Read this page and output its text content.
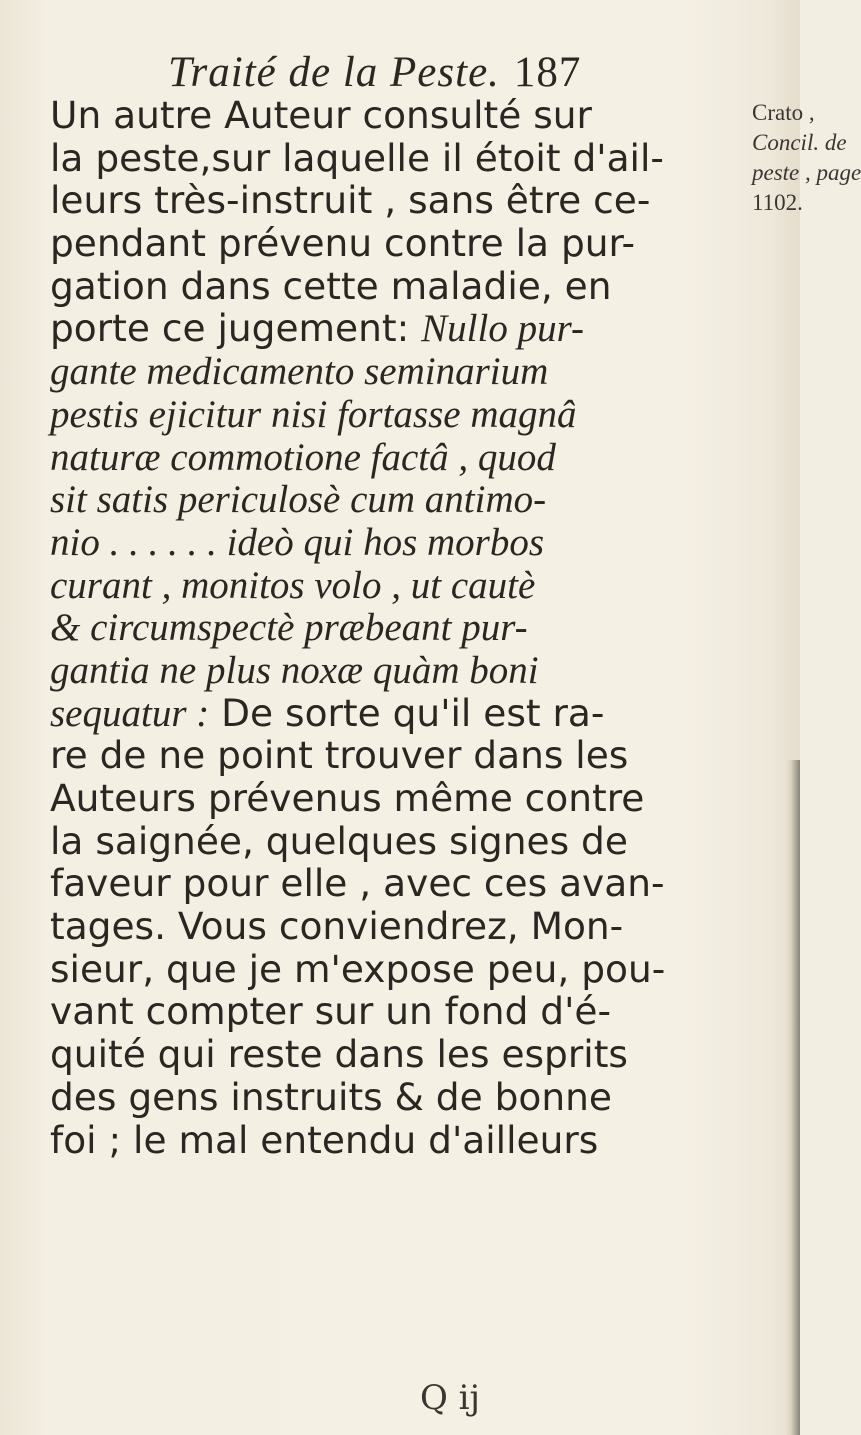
Traité de la Peste. 187
Crato ,
Concil. de
peste , page
1102.
Un autre Auteur consulté sur
la peste,sur laquelle il étoit d'ail-
leurs très-instruit , sans être ce-
pendant prévenu contre la pur-
gation dans cette maladie, en
porte ce jugement: Nullo pur-
gante medicamento seminarium
pestis ejicitur nisi fortasse magnâ
naturæ commotione factâ , quod
sit satis periculosè cum antimo-
nio . . . . . . ideò qui hos morbos
curant , monitos volo , ut cautè
& circumspectè præbeant pur-
gantia ne plus noxæ quàm boni
sequatur : De sorte qu'il est ra-
re de ne point trouver dans les
Auteurs prévenus même contre
la saignée, quelques signes de
faveur pour elle , avec ces avan-
tages. Vous conviendrez, Mon-
sieur, que je m'expose peu, pou-
vant compter sur un fond d'é-
quité qui reste dans les esprits
des gens instruits & de bonne
foi ; le mal entendu d'ailleurs
Q ij
